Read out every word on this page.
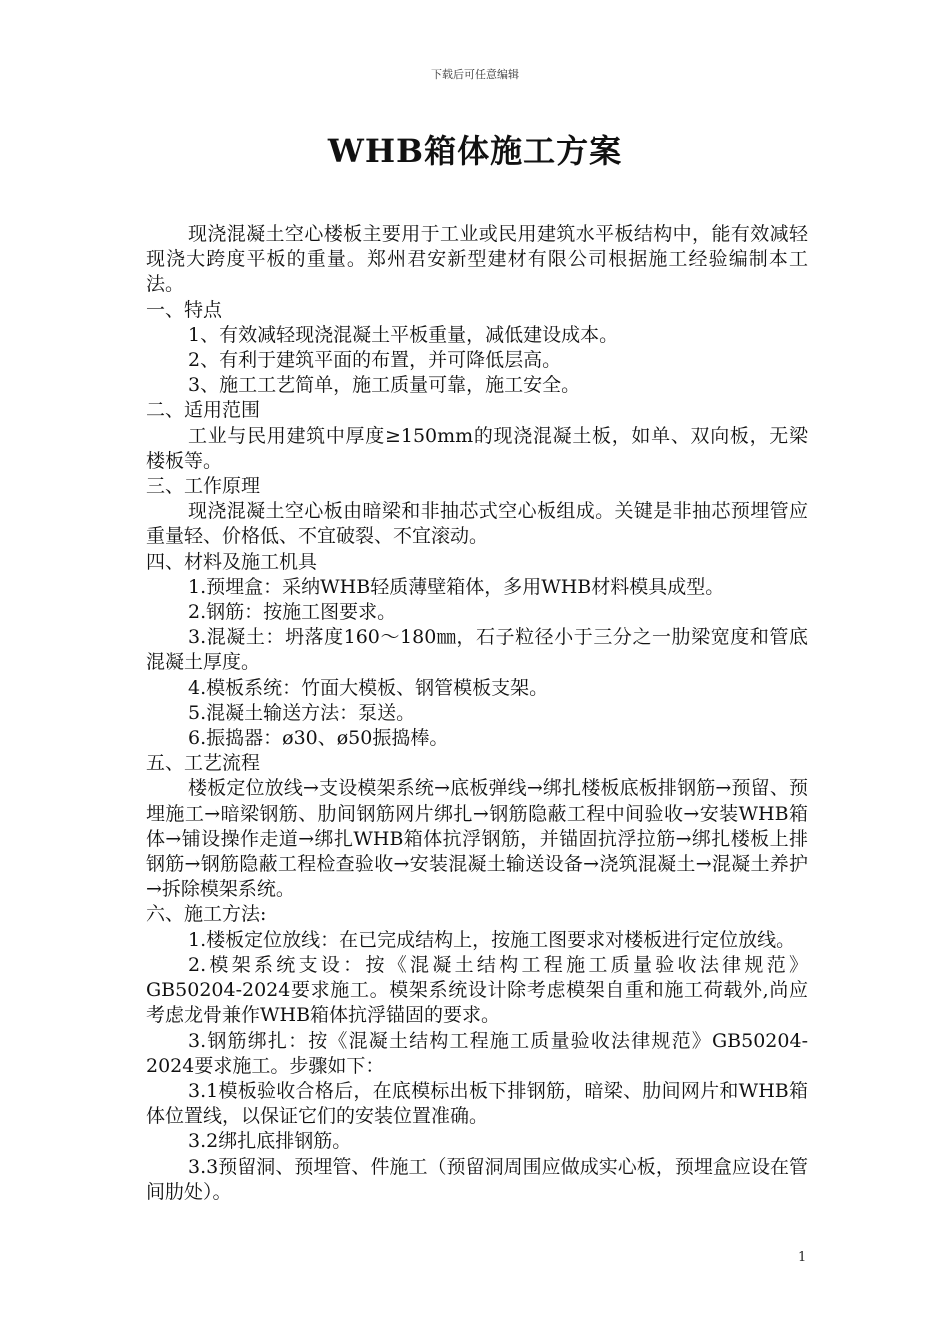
下载后可任意编辑
WHB箱体施工方案

现浇混凝土空心楼板主要用于工业或民用建筑水平板结构中，能有效减轻现浇大跨度平板的重量。郑州君安新型建材有限公司根据施工经验编制本工法。

一、特点

1、有效减轻现浇混凝土平板重量，减低建设成本。

2、有利于建筑平面的布置，并可降低层高。

3、施工工艺简单，施工质量可靠，施工安全。

二、适用范围

工业与民用建筑中厚度≥150mm的现浇混凝土板，如单、双向板，无梁楼板等。

三、工作原理

现浇混凝土空心板由暗梁和非抽芯式空心板组成。关键是非抽芯预埋管应重量轻、价格低、不宜破裂、不宜滚动。

四、材料及施工机具

1.预埋盒：采纳WHB轻质薄壁箱体，多用WHB材料模具成型。

2.钢筋：按施工图要求。

3.混凝土：坍落度160～180㎜，石子粒径小于三分之一肋梁宽度和管底混凝土厚度。

4.模板系统：竹面大模板、钢管模板支架。

5.混凝土输送方法：泵送。

6.振捣器：ø30、ø50振捣棒。

五、工艺流程

楼板定位放线→支设模架系统→底板弹线→绑扎楼板底板排钢筋→预留、预埋施工→暗梁钢筋、肋间钢筋网片绑扎→钢筋隐蔽工程中间验收→安装WHB箱体→铺设操作走道→绑扎WHB箱体抗浮钢筋，并锚固抗浮拉筋→绑扎楼板上排钢筋→钢筋隐蔽工程检查验收→安装混凝土输送设备→浇筑混凝土→混凝土养护→拆除模架系统。

六、施工方法:

1.楼板定位放线：在已完成结构上，按施工图要求对楼板进行定位放线。

2.模架系统支设：按《混凝土结构工程施工质量验收法律规范》GB50204-2024要求施工。模架系统设计除考虑模架自重和施工荷载外,尚应考虑龙骨兼作WHB箱体抗浮锚固的要求。

3.钢筋绑扎：按《混凝土结构工程施工质量验收法律规范》GB50204-2024要求施工。步骤如下：

3.1模板验收合格后，在底模标出板下排钢筋，暗梁、肋间网片和WHB箱体位置线，以保证它们的安装位置准确。

3.2绑扎底排钢筋。

3.3预留洞、预埋管、件施工（预留洞周围应做成实心板，预埋盒应设在管间肋处）。

1
